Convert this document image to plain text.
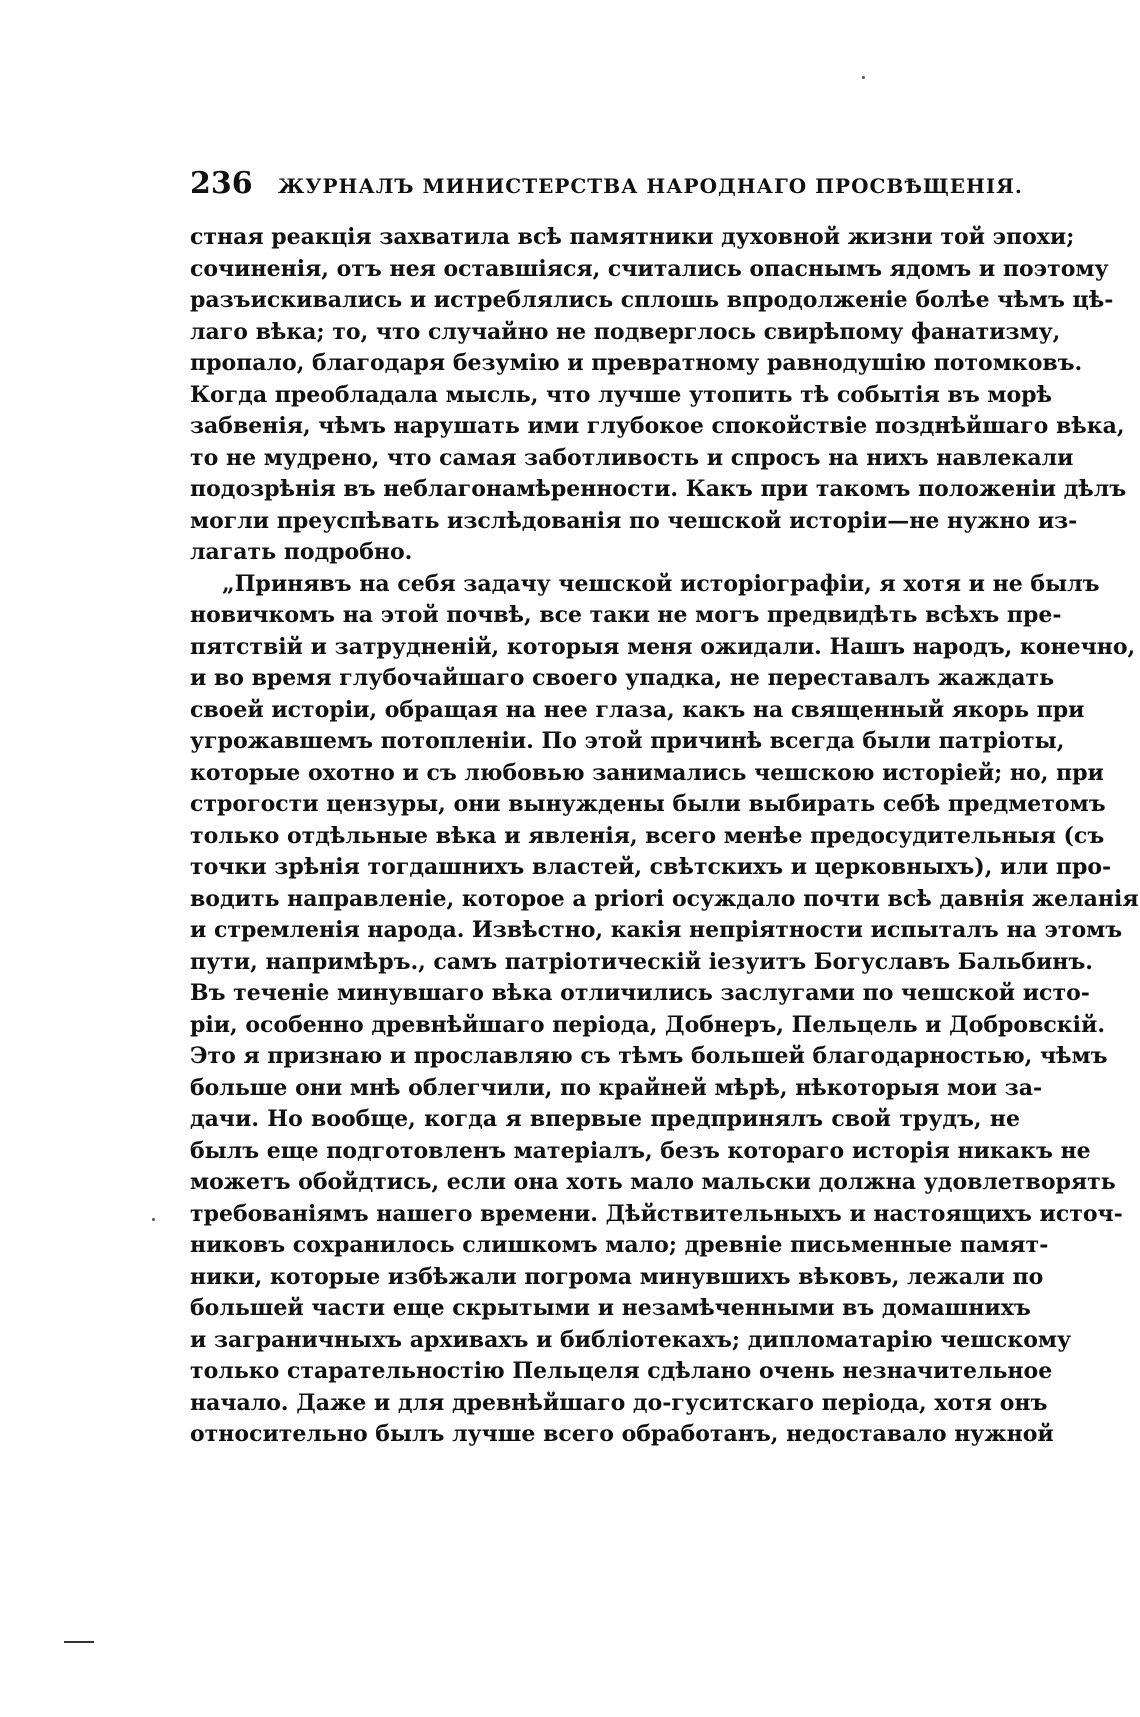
236 ЖУРНАЛЪ МИНИСТЕРСТВА НАРОДНАГО ПРОСВѢЩЕНІЯ.
стная реакція захватила всѣ памятники духовной жизни той эпохи;
сочиненія, отъ нея оставшіяся, считались опаснымъ ядомъ и поэтому
разъискивались и истреблялись сплошь впродолженіе болѣе чѣмъ цѣ-
лаго вѣка; то, что случайно не подверглось свирѣпому фанатизму,
пропало, благодаря безумію и превратному равнодушію потомковъ.
Когда преобладала мысль, что лучше утопить тѣ событія въ морѣ
забвенія, чѣмъ нарушать ими глубокое спокойствіе позднѣйшаго вѣка,
то не мудрено, что самая заботливость и спросъ на нихъ навлекали
подозрѣнія въ неблагонамѣренности. Какъ при такомъ положеніи дѣлъ
могли преуспѣвать изслѣдованія по чешской исторіи—не нужно из-
лагать подробно.
„Принявъ на себя задачу чешской исторіографіи, я хотя и не былъ
новичкомъ на этой почвѣ, все таки не могъ предвидѣть всѣхъ пре-
пятствій и затрудненій, которыя меня ожидали. Нашъ народъ, конечно,
и во время глубочайшаго своего упадка, не переставалъ жаждать
своей исторіи, обращая на нее глаза, какъ на священный якорь при
угрожавшемъ потопленіи. По этой причинѣ всегда были патріоты,
которые охотно и съ любовью занимались чешскою исторіей; но, при
строгости цензуры, они вынуждены были выбирать себѣ предметомъ
только отдѣльные вѣка и явленія, всего менѣе предосудительныя (съ
точки зрѣнія тогдашнихъ властей, свѣтскихъ и церковныхъ), или про-
водить направленіе, которое a priori осуждало почти всѣ давнія желанія
и стремленія народа. Извѣстно, какія непріятности испыталъ на этомъ
пути, напримѣръ., самъ патріотическій іезуитъ Богуславъ Бальбинъ.
Въ теченіе минувшаго вѣка отличились заслугами по чешской исто-
ріи, особенно древнѣйшаго періода, Добнеръ, Пельцель и Добровскій.
Это я признаю и прославляю съ тѣмъ большей благодарностью, чѣмъ
больше они мнѣ облегчили, по крайней мѣрѣ, нѣкоторыя мои за-
дачи. Но вообще, когда я впервые предпринялъ свой трудъ, не
былъ еще подготовленъ матеріалъ, безъ котораго исторія никакъ не
можетъ обойдтись, если она хоть мало мальски должна удовлетворять
требованіямъ нашего времени. Дѣйствительныхъ и настоящихъ источ-
никовъ сохранилось слишкомъ мало; древніе письменные памят-
ники, которые избѣжали погрома минувшихъ вѣковъ, лежали по
большей части еще скрытыми и незамѣченными въ домашнихъ
и заграничныхъ архивахъ и библіотекахъ; дипломатарію чешскому
только старательностію Пельцеля сдѣлано очень незначительное
начало. Даже и для древнѣйшаго до-гуситскаго періода, хотя онъ
относительно былъ лучше всего обработанъ, недоставало нужной
